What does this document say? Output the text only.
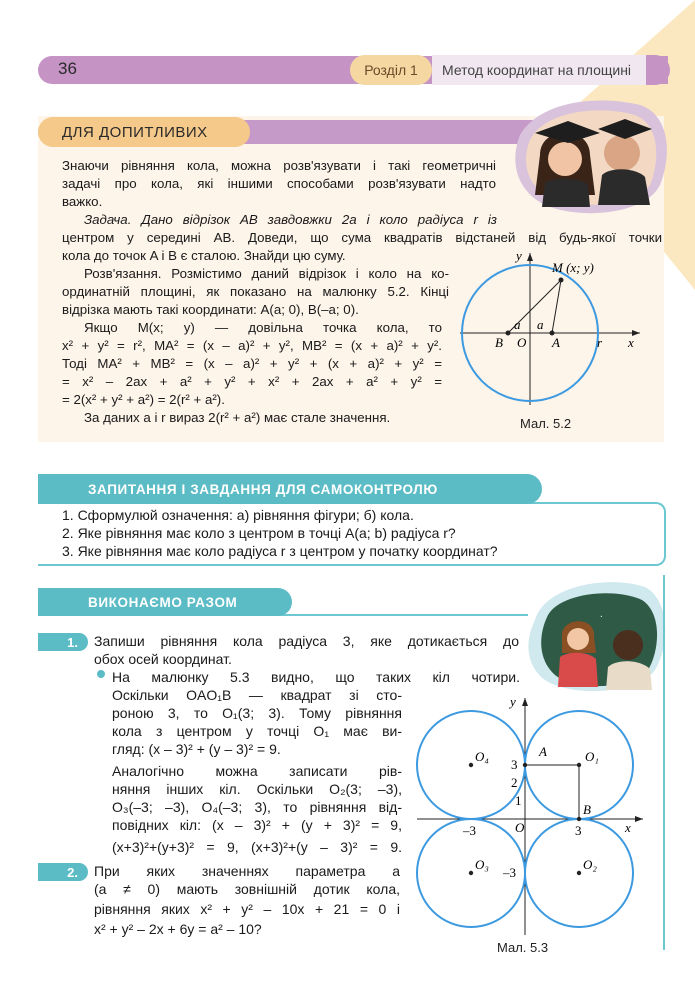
36	Розділ 1	Метод координат на площині
ДЛЯ ДОПИТЛИВИХ
Знаючи рівняння кола, можна розв'язувати і такі геометричні
задачі про кола, які іншими способами розв'язувати надто
важко.
Задача. Дано відрізок AB завдовжки 2a і коло радіуса r із
центром у середині AB. Доведи, що сума квадратів відстаней від будь-якої точки
кола до точок A і B є сталою. Знайди цю суму.
Розв'язання. Розмістимо даний відрізок і коло на ко-
ординатній площині, як показано на малюнку 5.2. Кінці
відрізка мають такі координати: A(a; 0), B(–a; 0).
Якщо M(x; y) — довільна точка кола, то
x² + y² = r², MA² = (x – a)² + y², MB² = (x + a)² + y².
Тоді MA² + MB² = (x – a)² + y² + (x + a)² + y² =
= x² – 2ax + a² + y² + x² + 2ax + a² + y² =
= 2(x² + y² + a²) = 2(r² + a²).
За даних a і r вираз 2(r² + a²) має стале значення.
y
M (x; y)
a a
B O A	r x
Мал. 5.2
ЗАПИТАННЯ І ЗАВДАННЯ ДЛЯ САМОКОНТРОЛЮ
1. Сформулюй означення: а) рівняння фігури; б) кола.
2. Яке рівняння має коло з центром в точці A(a; b) радіуса r?
3. Яке рівняння має коло радіуса r з центром у початку координат?
ВИКОНАЄМО РАЗОМ
·
1.	Запиши рівняння кола радіуса 3, яке дотикається до
обох осей координат.
На малюнку 5.3 видно, що таких кіл чотири.
Оскільки OAO₁B — квадрат зі сто-
роною 3, то O₁(3; 3). Тому рівняння
кола з центром у точці O₁ має ви-
гляд: (x – 3)² + (y – 3)² = 9.
Аналогічно можна записати рів-
няння інших кіл. Оскільки O₂(3; –3),
O₃(–3; –3), O₄(–3; 3), то рівняння від-
повідних кіл: (x – 3)² + (y + 3)² = 9,
(x+3)²+(y+3)² = 9, (x+3)²+(y – 3)² = 9.
2.	При яких значеннях параметра a
(a ≠ 0) мають зовнішній дотик кола,
рівняння яких x² + y² – 10x + 21 = 0 і
x² + y² – 2x + 6y = a² – 10?
y
x
A	O₁
O₄
O₃	O₂
B
O
3
2
1
3
–3
–3
Мал. 5.3
